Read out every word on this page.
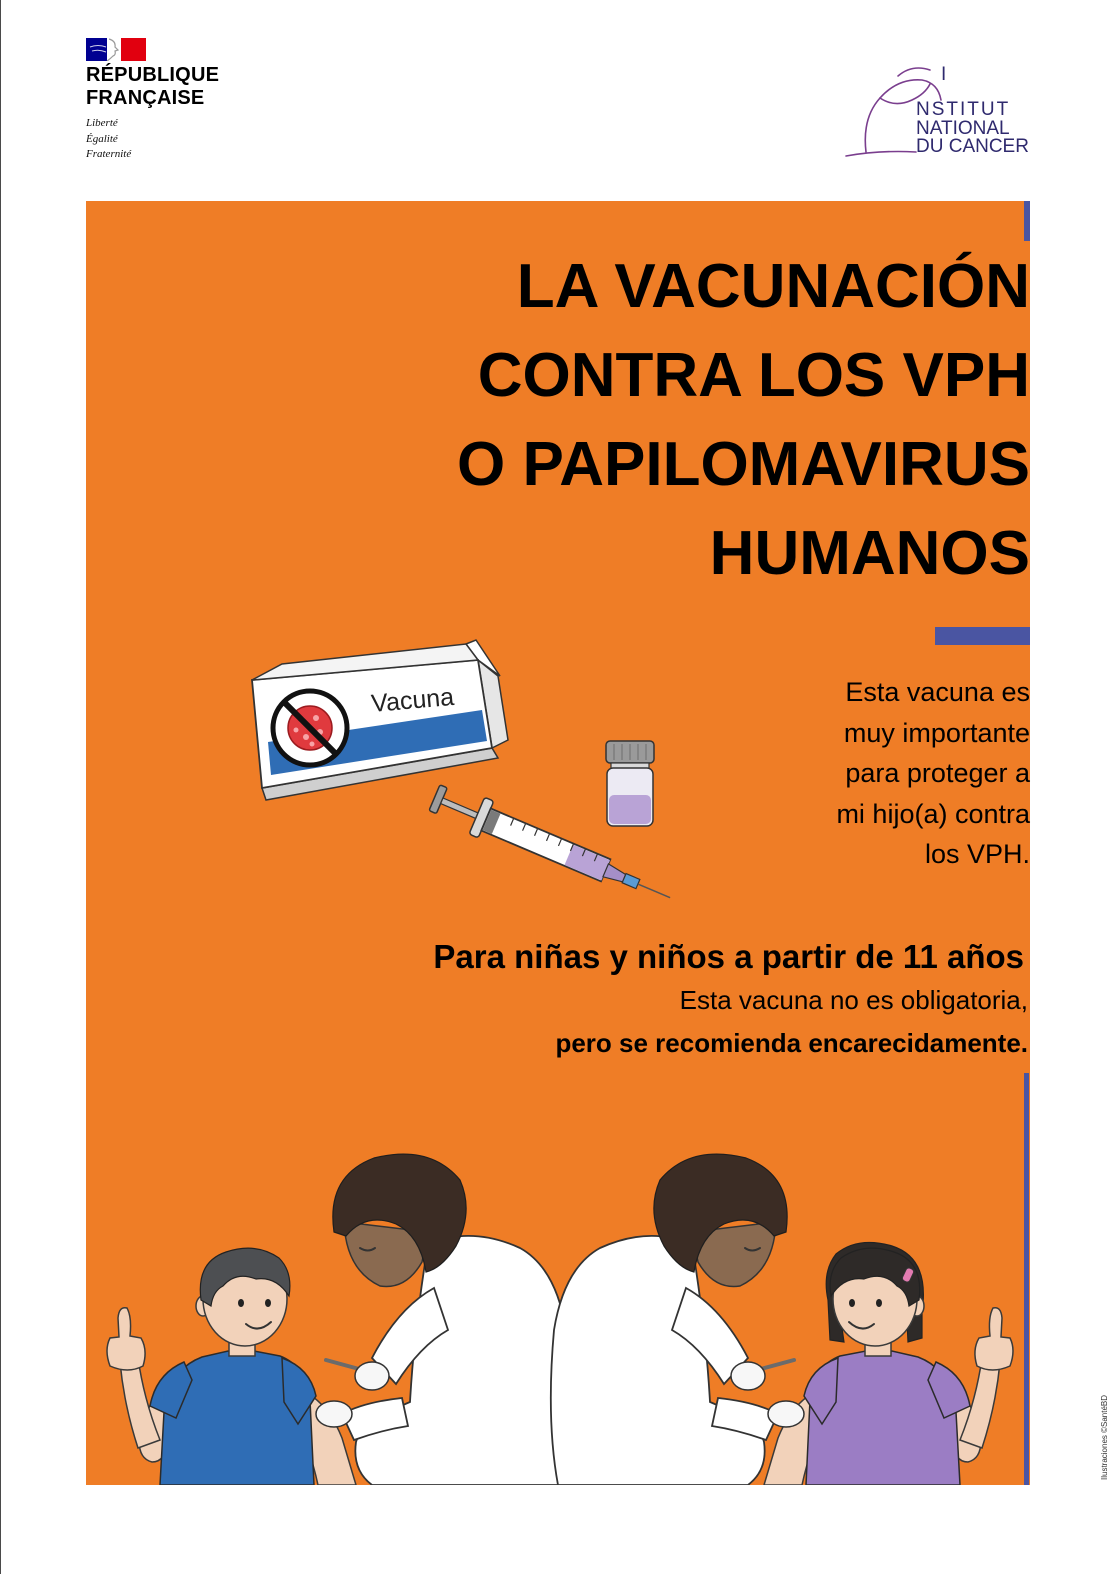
RÉPUBLIQUE
FRANÇAISE
Liberté
Égalité
Fraternité
INSTITUT
NATIONAL
DU CANCER
LA VACUNACIÓN
CONTRA LOS VPH
O PAPILOMAVIRUS
HUMANOS
Vacuna	Esta vacuna es
muy importante
para proteger a
mi hijo(a) contra
los VPH.
Para niñas y niños a partir de 11 años
Esta vacuna no es obligatoria,
pero se recomienda encarecidamente.
Ilustraciones ©SantéBD
